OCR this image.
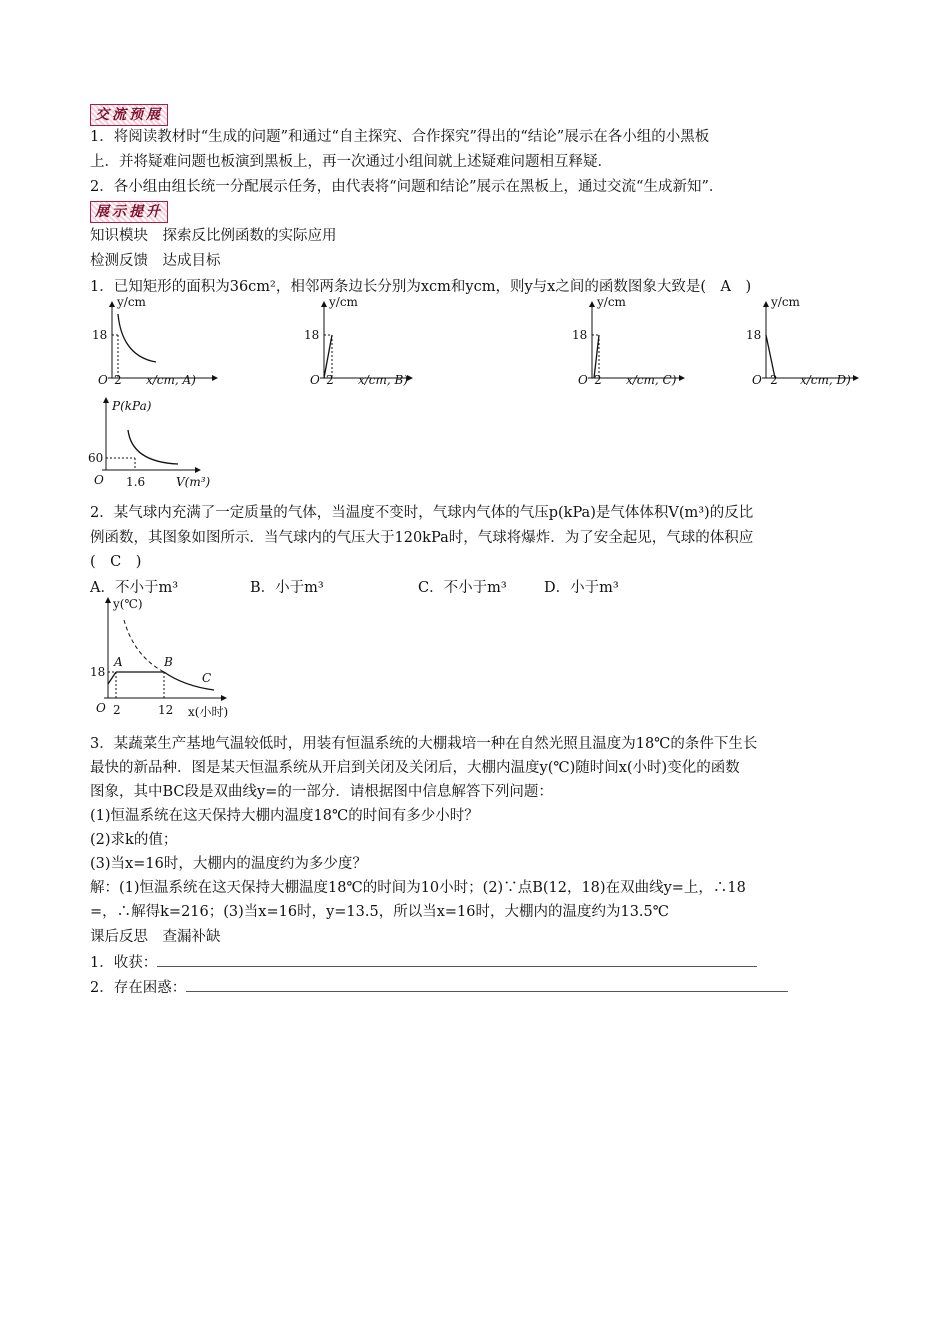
交流预展
1．将阅读教材时“生成的问题”和通过“自主探究、合作探究”得出的“结论”展示在各小组的小黑板
上．并将疑难问题也板演到黑板上，再一次通过小组间就上述疑难问题相互释疑．
2．各小组由组长统一分配展示任务，由代表将“问题和结论”展示在黑板上，通过交流“生成新知”．
展示提升
知识模块　探索反比例函数的实际应用
检测反馈　达成目标
1．已知矩形的面积为36cm²，相邻两条边长分别为xcm和ycm，则y与x之间的函数图象大致是(　A　)
y/cm
18
O 2 x/cm, A)
y/cm
18
O 2 x/cm, B)
y/cm
18
O 2 x/cm, C)
y/cm
18
O 2 x/cm, D)
P(kPa)
60
O 1.6	V(m³)
2．某气球内充满了一定质量的气体，当温度不变时，气球内气体的气压p(kPa)是气体体积V(m³)的反比
例函数，其图象如图所示．当气球内的气压大于120kPa时，气球将爆炸．为了安全起见，气球的体积应
(　C　)
A．不小于m³	B．小于m³	C．不小于m³	D．小于m³
y(℃)
18
O 2	12 x(小时)
A	B
C
3．某蔬菜生产基地气温较低时，用装有恒温系统的大棚栽培一种在自然光照且温度为18℃的条件下生长
最快的新品种．图是某天恒温系统从开启到关闭及关闭后，大棚内温度y(℃)随时间x(小时)变化的函数
图象，其中BC段是双曲线y=的一部分．请根据图中信息解答下列问题：
(1)恒温系统在这天保持大棚内温度18℃的时间有多少小时？
(2)求k的值；
(3)当x=16时，大棚内的温度约为多少度？
解：(1)恒温系统在这天保持大棚温度18℃的时间为10小时；(2)∵点B(12，18)在双曲线y=上，∴18
=，∴解得k=216；(3)当x=16时，y=13.5，所以当x=16时，大棚内的温度约为13.5℃
课后反思　查漏补缺
1．收获：
2．存在困惑：
